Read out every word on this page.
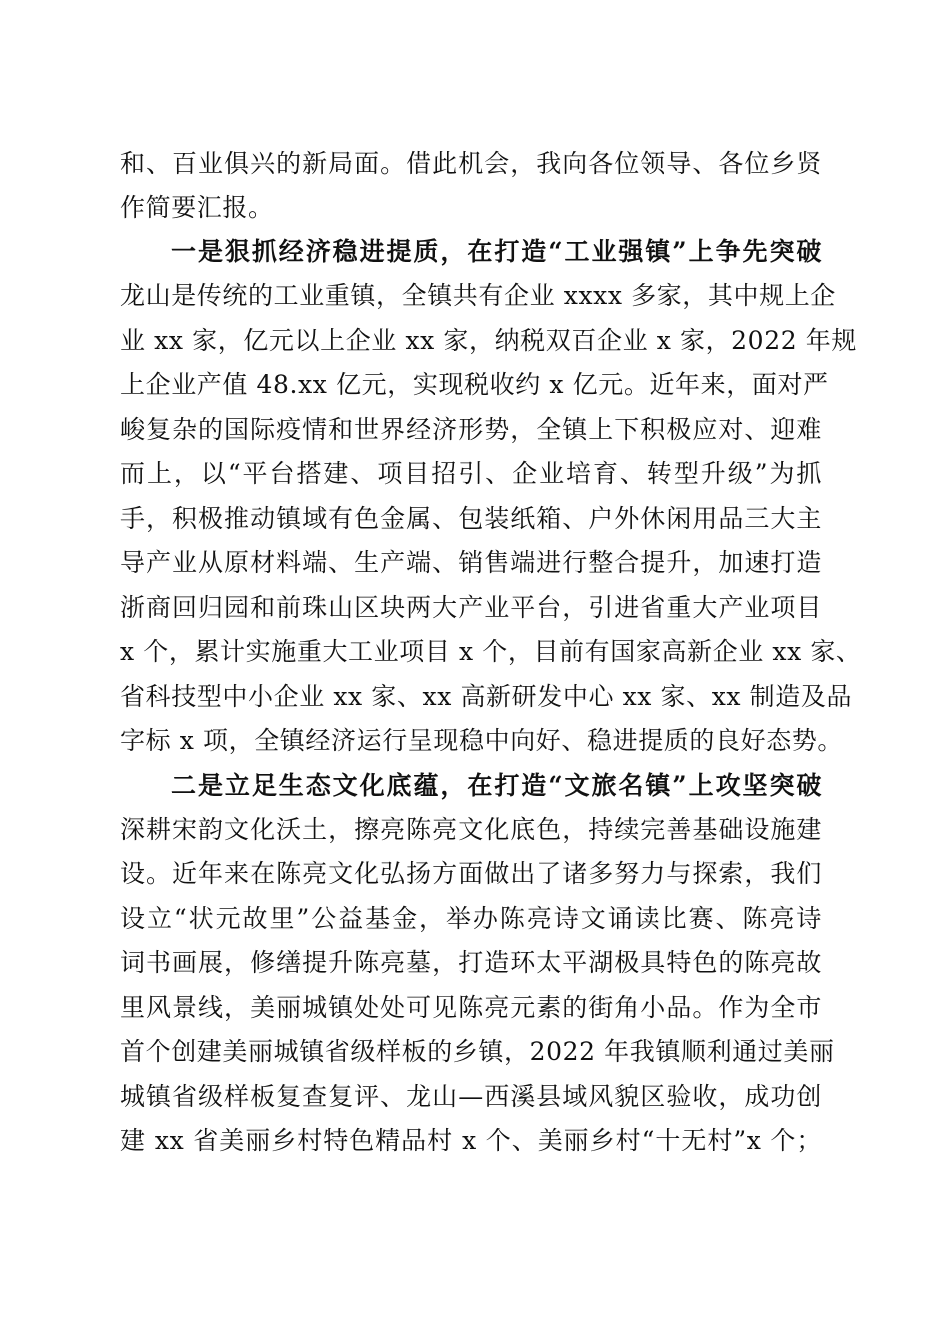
和、百业俱兴的新局面。借此机会，我向各位领导、各位乡贤
作简要汇报。
一是狠抓经济稳进提质，在打造“工业强镇”上争先突破
龙山是传统的工业重镇，全镇共有企业 xxxx 多家，其中规上企
业 xx 家，亿元以上企业 xx 家，纳税双百企业 x 家，2022 年规
上企业产值 48.xx 亿元，实现税收约 x 亿元。近年来，面对严
峻复杂的国际疫情和世界经济形势，全镇上下积极应对、迎难
而上，以“平台搭建、项目招引、企业培育、转型升级”为抓
手，积极推动镇域有色金属、包装纸箱、户外休闲用品三大主
导产业从原材料端、生产端、销售端进行整合提升，加速打造
浙商回归园和前珠山区块两大产业平台，引进省重大产业项目
x 个，累计实施重大工业项目 x 个，目前有国家高新企业 xx 家、
省科技型中小企业 xx 家、xx 高新研发中心 xx 家、xx 制造及品
字标 x 项，全镇经济运行呈现稳中向好、稳进提质的良好态势。
二是立足生态文化底蕴，在打造“文旅名镇”上攻坚突破
深耕宋韵文化沃土，擦亮陈亮文化底色，持续完善基础设施建
设。近年来在陈亮文化弘扬方面做出了诸多努力与探索，我们
设立“状元故里”公益基金，举办陈亮诗文诵读比赛、陈亮诗
词书画展，修缮提升陈亮墓，打造环太平湖极具特色的陈亮故
里风景线，美丽城镇处处可见陈亮元素的街角小品。作为全市
首个创建美丽城镇省级样板的乡镇，2022 年我镇顺利通过美丽
城镇省级样板复查复评、龙山—西溪县域风貌区验收，成功创
建 xx 省美丽乡村特色精品村 x 个、美丽乡村“十无村”x 个；
